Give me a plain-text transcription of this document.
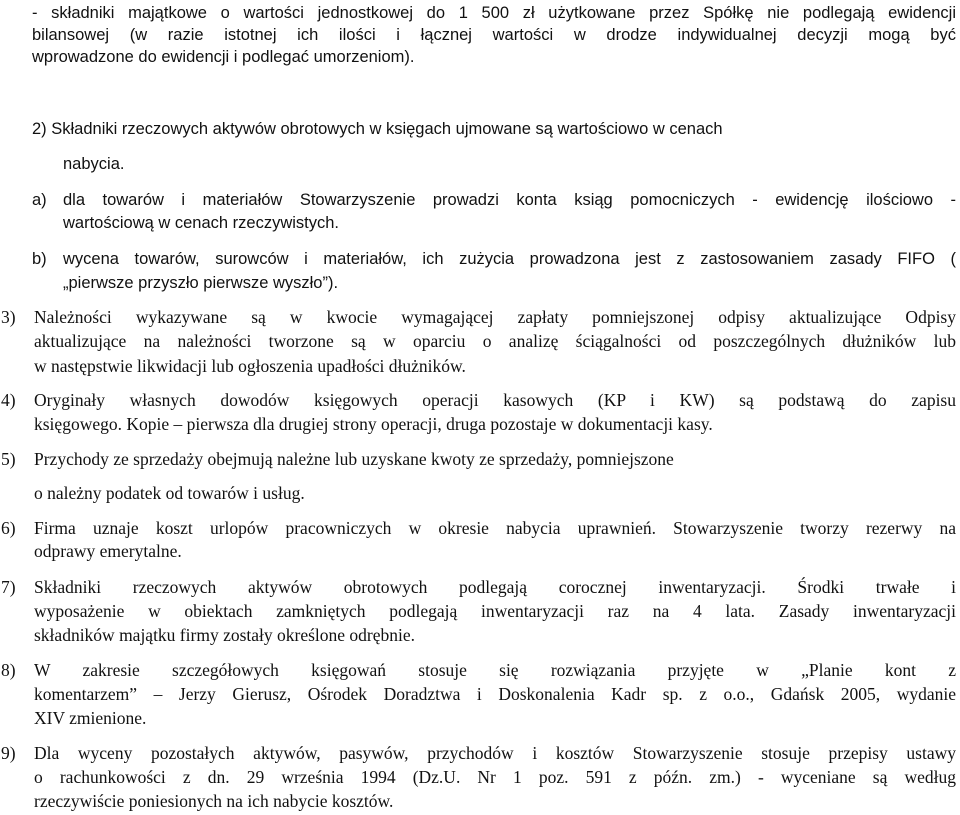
- składniki majątkowe o wartości jednostkowej do 1 500 zł użytkowane przez Spółkę nie podlegają ewidencji
bilansowej (w razie istotnej ich ilości i łącznej wartości w drodze indywidualnej decyzji mogą być
wprowadzone do ewidencji i podlegać umorzeniom).
2) Składniki rzeczowych aktywów obrotowych w księgach ujmowane są wartościowo w cenach
nabycia.
a) dla towarów i materiałów Stowarzyszenie prowadzi konta ksiąg pomocniczych - ewidencję ilościowo -
wartościową w cenach rzeczywistych.
b) wycena towarów, surowców i materiałów, ich zużycia prowadzona jest z zastosowaniem zasady FIFO (
„pierwsze przyszło pierwsze wyszło”).
3) Należności wykazywane są w kwocie wymagającej zapłaty pomniejszonej odpisy aktualizujące Odpisy
aktualizujące na należności tworzone są w oparciu o analizę ściągalności od poszczególnych dłużników lub
w następstwie likwidacji lub ogłoszenia upadłości dłużników.
4) Oryginały własnych dowodów księgowych operacji kasowych (KP i KW) są podstawą do zapisu
księgowego. Kopie – pierwsza dla drugiej strony operacji, druga pozostaje w dokumentacji kasy.
5) Przychody ze sprzedaży obejmują należne lub uzyskane kwoty ze sprzedaży, pomniejszone
o należny podatek od towarów i usług.
6) Firma uznaje koszt urlopów pracowniczych w okresie nabycia uprawnień. Stowarzyszenie tworzy rezerwy na
odprawy emerytalne.
7) Składniki rzeczowych aktywów obrotowych podlegają corocznej inwentaryzacji. Środki trwałe i
wyposażenie w obiektach zamkniętych podlegają inwentaryzacji raz na 4 lata. Zasady inwentaryzacji
składników majątku firmy zostały określone odrębnie.
8) W zakresie szczegółowych księgowań stosuje się rozwiązania przyjęte w „Planie kont z
komentarzem” – Jerzy Gierusz, Ośrodek Doradztwa i Doskonalenia Kadr sp. z o.o., Gdańsk 2005, wydanie
XIV zmienione.
9) Dla wyceny pozostałych aktywów, pasywów, przychodów i kosztów Stowarzyszenie stosuje przepisy ustawy
o rachunkowości z dn. 29 września 1994 (Dz.U. Nr 1 poz. 591 z późn. zm.) - wyceniane są według
rzeczywiście poniesionych na ich nabycie kosztów.
